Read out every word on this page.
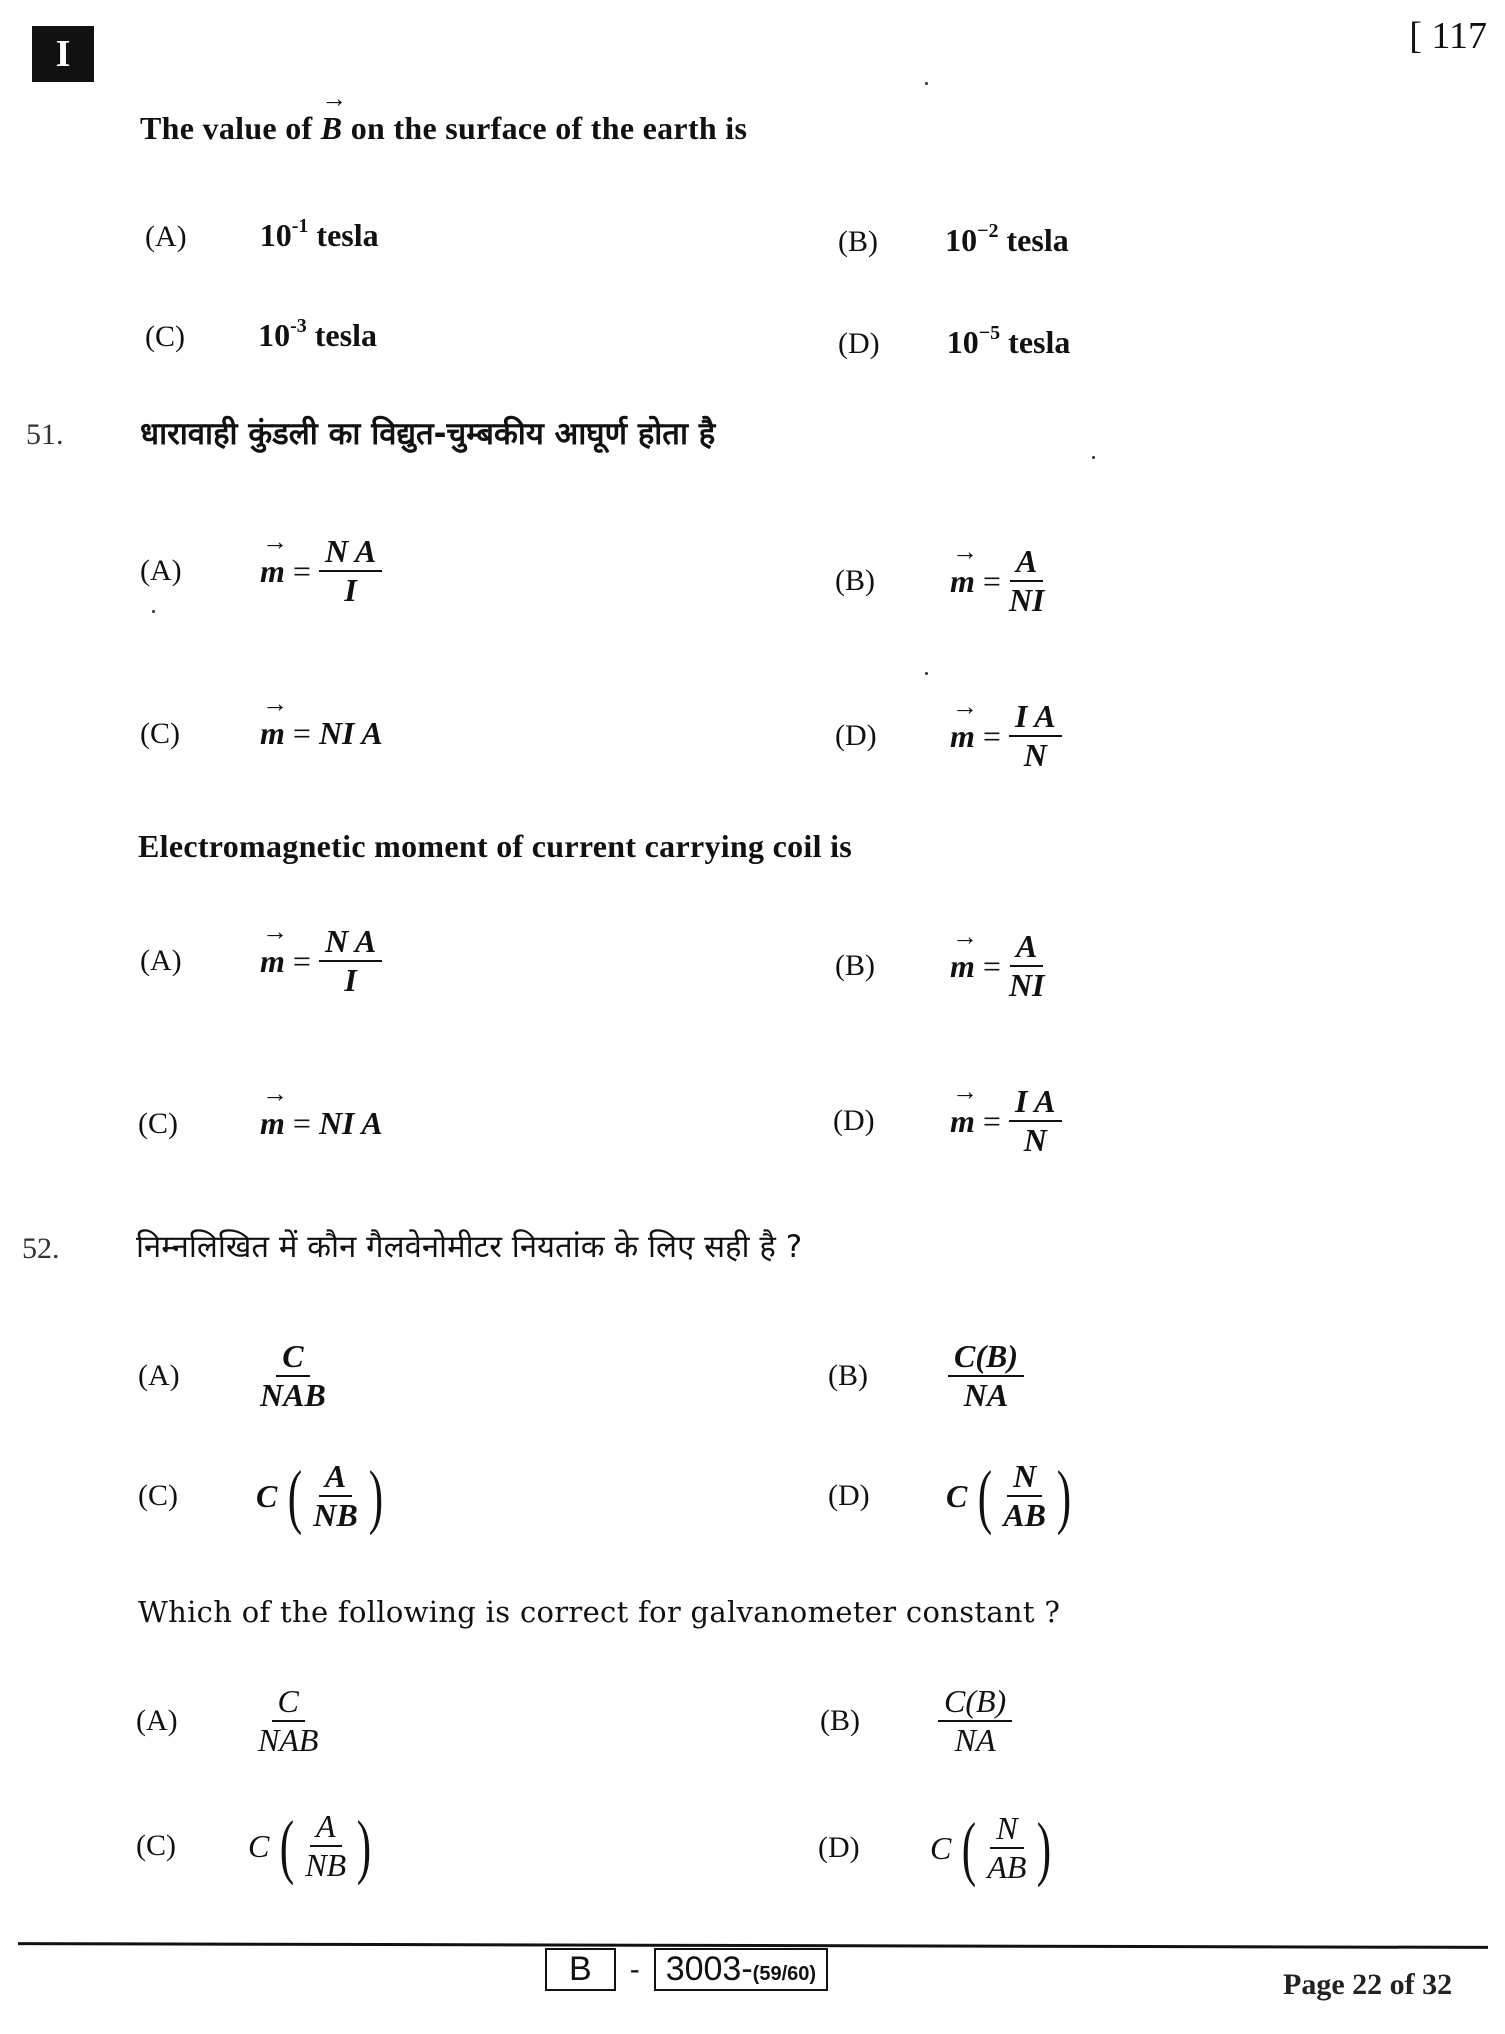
I	[ 117
The value of → B on the surface of the earth is
(A) $10^{-1}$ tesla	(B) $10^{-2}$ tesla
(C) $10^{-3}$ tesla	(D) $10^{-5}$ tesla
51. धारावाही कुंडली का विद्युत-चुम्बकीय आघूर्ण होता है
(A)	→ $m = \frac{\text{N A}}{I}$	(B)	→ $m = \frac{A}{NI}$
(C)	→ m = NI A	(D)	→ $m = \frac{\text{I A}}{N}$
Electromagnetic moment of current carrying coil is
(A)	→ $m = \frac{\text{N A}}{I}$	(B)	→ $m = \frac{A}{NI}$
(C)	→ m = NI A	(D)	→ $m = \frac{\text{I A}}{N}$
52. निम्नलिखित में कौन गैलवेनोमीटर नियतांक के लिए सही है ?
(A)	$\frac{C}{\text{NAB}}$	(B)	$\frac{C(B)}{NA}$
(C)	C ( $\frac{A}{NB}$ )	(D)	C ( $\frac{N}{AB}$ )
Which of the following is correct for galvanometer constant ?
(A)	$\frac{C}{\text{NAB}}$	(B)	$\frac{C(B)}{NA}$
(C)	C ( $\frac{A}{NB}$ )	(D)	C ( $\frac{N}{AB}$ )
B	- 3003-(59/60)	Page 22 of 32
